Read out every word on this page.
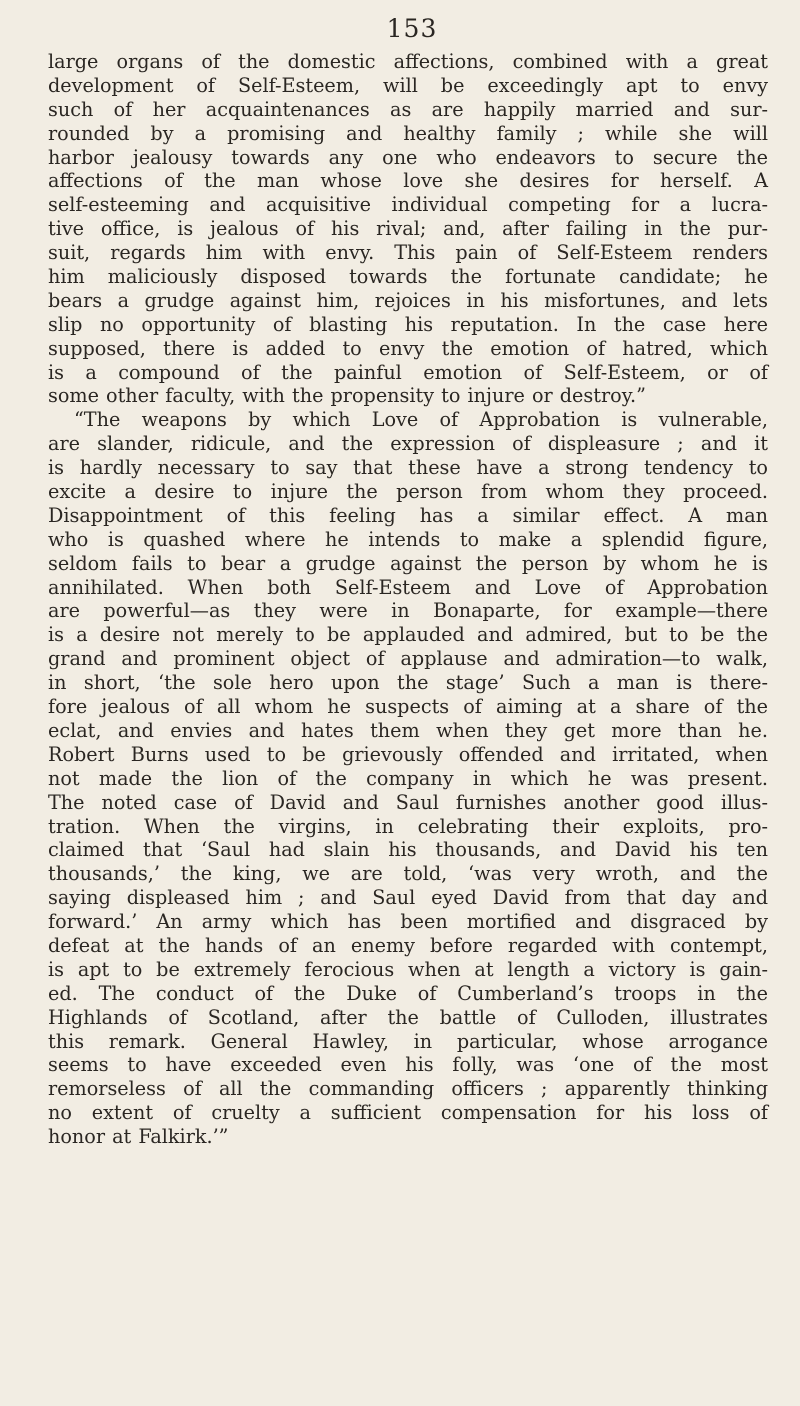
153
large organs of the domestic affections, combined with a great
development of Self-Esteem, will be exceedingly apt to envy
such of her acquaintenances as are happily married and sur-
rounded by a promising and healthy family ; while she will
harbor jealousy towards any one who endeavors to secure the
affections of the man whose love she desires for herself. A
self-esteeming and acquisitive individual competing for a lucra-
tive office, is jealous of his rival; and, after failing in the pur-
suit, regards him with envy. This pain of Self-Esteem renders
him maliciously disposed towards the fortunate candidate; he
bears a grudge against him, rejoices in his misfortunes, and lets
slip no opportunity of blasting his reputation. In the case here
supposed, there is added to envy the emotion of hatred, which
is a compound of the painful emotion of Self-Esteem, or of
some other faculty, with the propensity to injure or destroy.”
“The weapons by which Love of Approbation is vulnerable,
are slander, ridicule, and the expression of displeasure ; and it
is hardly necessary to say that these have a strong tendency to
excite a desire to injure the person from whom they proceed.
Disappointment of this feeling has a similar effect. A man
who is quashed where he intends to make a splendid figure,
seldom fails to bear a grudge against the person by whom he is
annihilated. When both Self-Esteem and Love of Approbation
are powerful—as they were in Bonaparte, for example—there
is a desire not merely to be applauded and admired, but to be the
grand and prominent object of applause and admiration—to walk,
in short, ‘the sole hero upon the stage’ Such a man is there-
fore jealous of all whom he suspects of aiming at a share of the
eclat, and envies and hates them when they get more than he.
Robert Burns used to be grievously offended and irritated, when
not made the lion of the company in which he was present.
The noted case of David and Saul furnishes another good illus-
tration. When the virgins, in celebrating their exploits, pro-
claimed that ‘Saul had slain his thousands, and David his ten
thousands,’ the king, we are told, ‘was very wroth, and the
saying displeased him ; and Saul eyed David from that day and
forward.’ An army which has been mortified and disgraced by
defeat at the hands of an enemy before regarded with contempt,
is apt to be extremely ferocious when at length a victory is gain-
ed. The conduct of the Duke of Cumberland’s troops in the
Highlands of Scotland, after the battle of Culloden, illustrates
this remark. General Hawley, in particular, whose arrogance
seems to have exceeded even his folly, was ‘one of the most
remorseless of all the commanding officers ; apparently thinking
no extent of cruelty a sufficient compensation for his loss of
honor at Falkirk.’”
